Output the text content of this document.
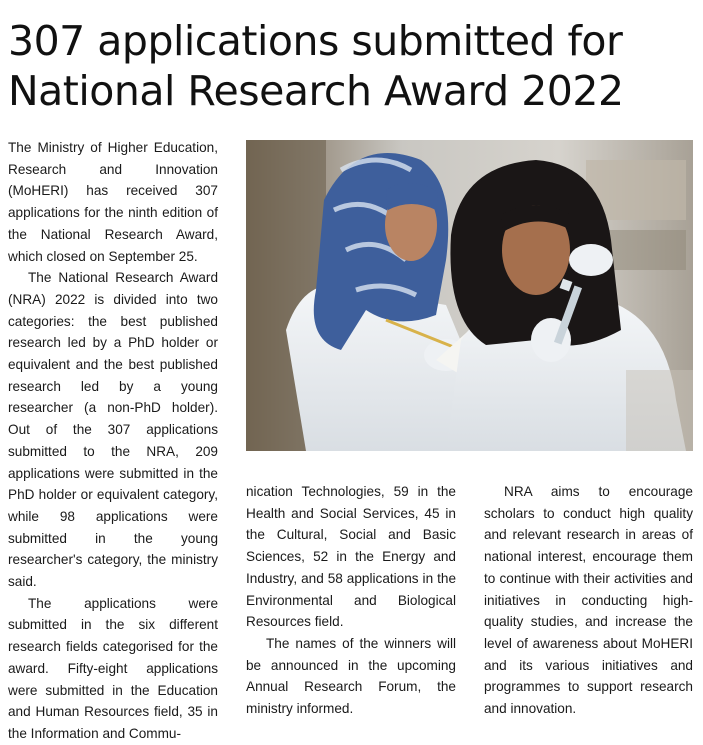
307 applications submitted for National Research Award 2022

The Ministry of Higher Education, Research and Innovation (MoHERI) has received 307 applications for the ninth edition of the National Research Award, which closed on September 25.

The National Research Award (NRA) 2022 is divided into two categories: the best published research led by a PhD holder or equivalent and the best published research led by a young researcher (a non-PhD holder). Out of the 307 applications submitted to the NRA, 209 applications were submitted in the PhD holder or equivalent category, while 98 applications were submitted in the young researcher's category, the ministry said.

The applications were submitted in the six different research fields categorised for the award. Fifty-eight applications were submitted in the Education and Human Resources field, 35 in the Information and Commu-

nication Technologies, 59 in the Health and Social Services, 45 in the Cultural, Social and Basic Sciences, 52 in the Energy and Industry, and 58 applications in the Environmental and Biological Resources field.

The names of the winners will be announced in the upcoming Annual Research Forum, the ministry informed.

NRA aims to encourage scholars to conduct high quality and relevant research in areas of national interest, encourage them to continue with their activities and initiatives in conducting high-quality studies, and increase the level of awareness about MoHERI and its various initiatives and programmes to support research and innovation.
